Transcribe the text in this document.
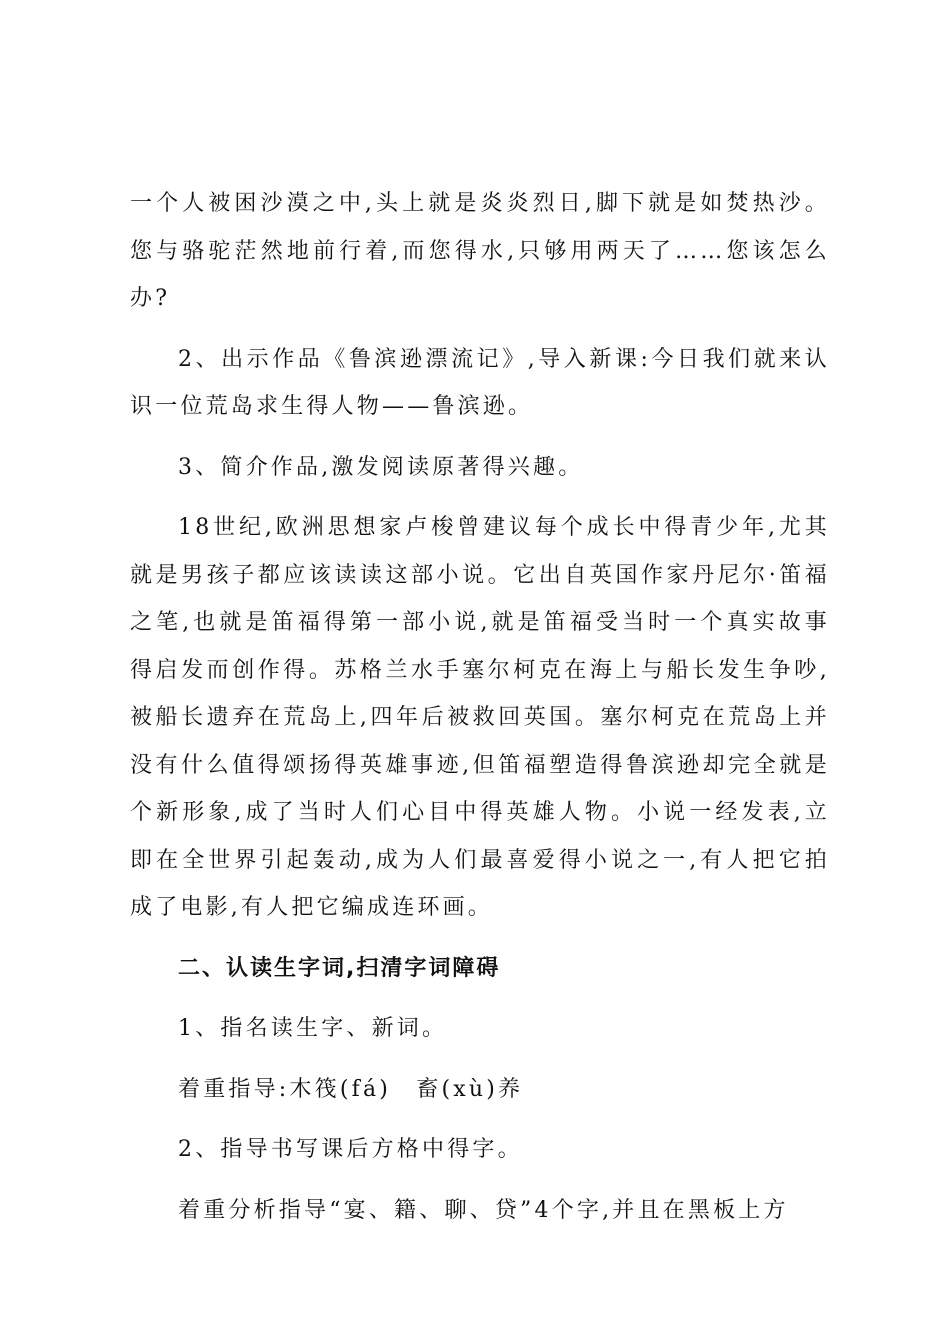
一个人被困沙漠之中,头上就是炎炎烈日,脚下就是如焚热沙。您与骆驼茫然地前行着,而您得水,只够用两天了……您该怎么办?

2、出示作品《鲁滨逊漂流记》,导入新课:今日我们就来认识一位荒岛求生得人物——鲁滨逊。

3、简介作品,激发阅读原著得兴趣。

18世纪,欧洲思想家卢梭曾建议每个成长中得青少年,尤其就是男孩子都应该读读这部小说。它出自英国作家丹尼尔·笛福之笔,也就是笛福得第一部小说,就是笛福受当时一个真实故事得启发而创作得。苏格兰水手塞尔柯克在海上与船长发生争吵,被船长遗弃在荒岛上,四年后被救回英国。塞尔柯克在荒岛上并没有什么值得颂扬得英雄事迹,但笛福塑造得鲁滨逊却完全就是个新形象,成了当时人们心目中得英雄人物。小说一经发表,立即在全世界引起轰动,成为人们最喜爱得小说之一,有人把它拍成了电影,有人把它编成连环画。

二、认读生字词,扫清字词障碍

1、指名读生字、新词。

着重指导:木筏(fá)　畜(xù)养

2、指导书写课后方格中得字。

着重分析指导“宴、籍、聊、贷”4个字,并且在黑板上方
